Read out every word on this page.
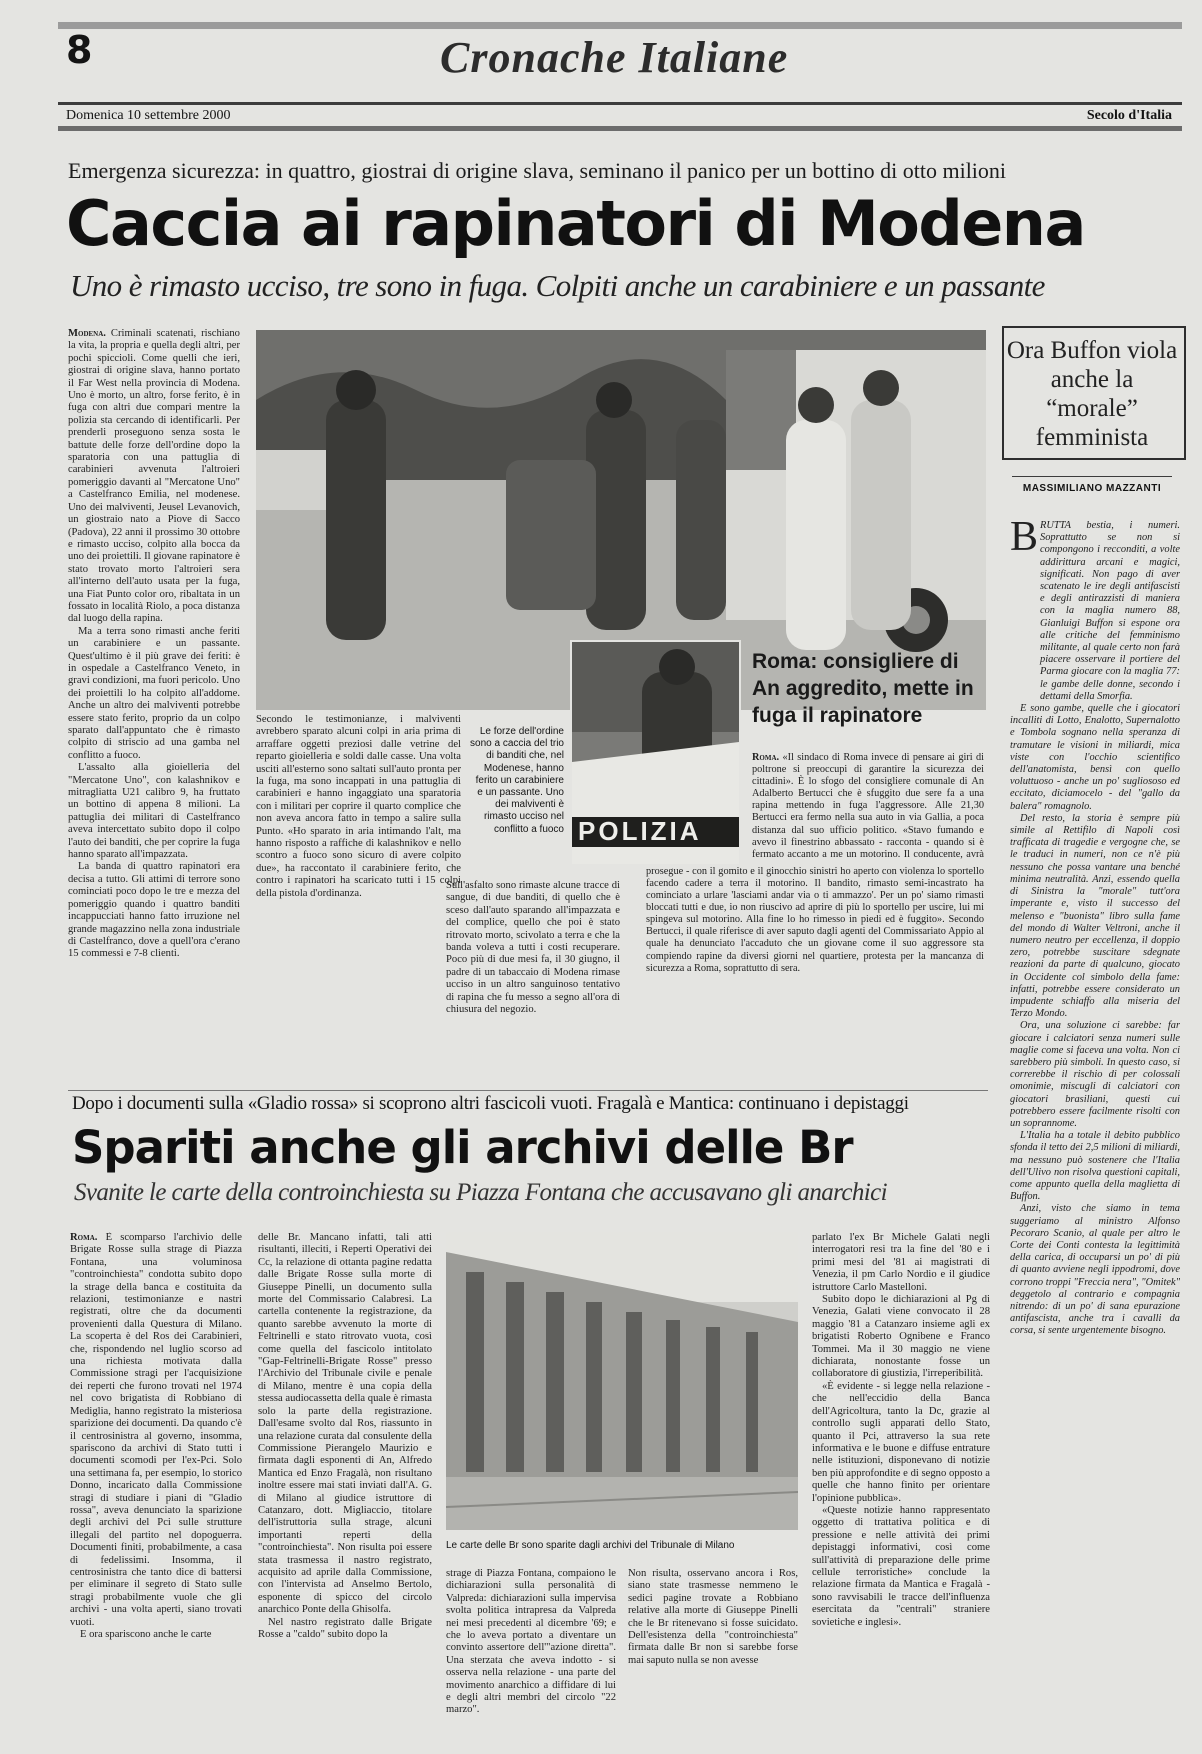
8	Cronache Italiane
Domenica 10 settembre 2000	Secolo d'Italia
Emergenza sicurezza: in quattro, giostrai di origine slava, seminano il panico per un bottino di otto milioni
Caccia ai rapinatori di Modena
Uno è rimasto ucciso, tre sono in fuga. Colpiti anche un carabiniere e un passante

Modena. Criminali scatenati, rischiano la vita, la propria e quella degli altri, per pochi spiccioli. Come quelli che ieri, giostrai di origine slava, hanno portato il Far West nella provincia di Modena. Uno è morto, un altro, forse ferito, è in fuga con altri due compari mentre la polizia sta cercando di identificarli. Per prenderli proseguono senza sosta le battute delle forze dell'ordine dopo la sparatoria con una pattuglia di carabinieri avvenuta l'altroieri pomeriggio davanti al "Mercatone Uno" a Castelfranco Emilia, nel modenese. Uno dei malviventi, Jeusel Levanovich, un giostraio nato a Piove di Sacco (Padova), 22 anni il prossimo 30 ottobre e rimasto ucciso, colpito alla bocca da uno dei proiettili. Il giovane rapinatore è stato trovato morto l'altroieri sera all'interno dell'auto usata per la fuga, una Fiat Punto color oro, ribaltata in un fossato in località Riolo, a poca distanza dal luogo della rapina.

Ma a terra sono rimasti anche feriti un carabiniere e un passante. Quest'ultimo è il più grave dei feriti: è in ospedale a Castelfranco Veneto, in gravi condizioni, ma fuori pericolo. Uno dei proiettili lo ha colpito all'addome. Anche un altro dei malviventi potrebbe essere stato ferito, proprio da un colpo sparato dall'appuntato che è rimasto colpito di striscio ad una gamba nel conflitto a fuoco.

L'assalto alla gioielleria del "Mercatone Uno", con kalashnikov e mitragliatta U21 calibro 9, ha fruttato un bottino di appena 8 milioni. La pattuglia dei militari di Castelfranco aveva intercettato subito dopo il colpo l'auto dei banditi, che per coprire la fuga hanno sparato all'impazzata.

La banda di quattro rapinatori era decisa a tutto. Gli attimi di terrore sono cominciati poco dopo le tre e mezza del pomeriggio quando i quattro banditi incappucciati hanno fatto irruzione nel grande magazzino nella zona industriale di Castelfranco, dove a quell'ora c'erano 15 commessi e 7-8 clienti.

POLIZIA
Le forze dell'ordine sono a caccia del trio di banditi che, nel Modenese, hanno ferito un carabiniere e un passante. Uno dei malviventi è rimasto ucciso nel conflitto a fuoco

Secondo le testimonianze, i malviventi avrebbero sparato alcuni colpi in aria prima di arraffare oggetti preziosi dalle vetrine del reparto gioielleria e soldi dalle casse. Una volta usciti all'esterno sono saltati sull'auto pronta per la fuga, ma sono incappati in una pattuglia di carabinieri e hanno ingaggiato una sparatoria con i militari per coprire il quarto complice che non aveva ancora fatto in tempo a salire sulla Punto. «Ho sparato in aria intimando l'alt, ma hanno risposto a raffiche di kalashnikov e nello scontro a fuoco sono sicuro di avere colpito due», ha raccontato il carabiniere ferito, che contro i rapinatori ha scaricato tutti i 15 colpi della pistola d'ordinanza.

Sull'asfalto sono rimaste alcune tracce di sangue, di due banditi, di quello che è sceso dall'auto sparando all'impazzata e del complice, quello che poi è stato ritrovato morto, scivolato a terra e che la banda voleva a tutti i costi recuperare. Poco più di due mesi fa, il 30 giugno, il padre di un tabaccaio di Modena rimase ucciso in un altro sanguinoso tentativo di rapina che fu messo a segno all'ora di chiusura del negozio.

Roma: consigliere di An aggredito, mette in fuga il rapinatore

Roma. «Il sindaco di Roma invece di pensare ai giri di poltrone si preoccupi di garantire la sicurezza dei cittadini». È lo sfogo del consigliere comunale di An Adalberto Bertucci che è sfuggito due sere fa a una rapina mettendo in fuga l'aggressore. Alle 21,30 Bertucci era fermo nella sua auto in via Gallia, a poca distanza dal suo ufficio politico. «Stavo fumando e avevo il finestrino abbassato - racconta - quando si è fermato accanto a me un motorino. Il conducente, avrà

prosegue - con il gomito e il ginocchio sinistri ho aperto con violenza lo sportello facendo cadere a terra il motorino. Il bandito, rimasto semi-incastrato ha cominciato a urlare 'lasciami andar via o ti ammazzo'. Per un po' siamo rimasti bloccati tutti e due, io non riuscivo ad aprire di più lo sportello per uscire, lui mi spingeva sul motorino. Alla fine lo ho rimesso in piedi ed è fuggito». Secondo Bertucci, il quale riferisce di aver saputo dagli agenti del Commissariato Appio al quale ha denunciato l'accaduto che un giovane come il suo aggressore sta compiendo rapine da diversi giorni nel quartiere, protesta per la mancanza di sicurezza a Roma, soprattutto di sera.

Ora Buffon viola anche la “morale” femminista
MASSIMILIANO MAZZANTI
B RUTTA bestia, i numeri. Soprattutto se non si compongono i recconditi, a volte addirittura arcani e magici, significati. Non pago di aver scatenato le ire degli antifascisti e degli antirazzisti di maniera con la maglia numero 88, Gianluigi Buffon si espone ora alle critiche del femminismo militante, al quale certo non farà piacere osservare il portiere del Parma giocare con la maglia 77: le gambe delle donne, secondo i dettami della Smorfia.

E sono gambe, quelle che i giocatori incalliti di Lotto, Enalotto, Supernalotto e Tombola sognano nella speranza di tramutare le visioni in miliardi, mica viste con l'occhio scientifico dell'anatomista, bensì con quello voluttuoso - anche un po' sugliososo ed eccitato, diciamocelo - del "gallo da balera" romagnolo.

Del resto, la storia è sempre più simile al Rettifilo di Napoli così trafficata di tragedie e vergogne che, se le traduci in numeri, non ce n'è più nessuno che possa vantare una benché minima neutralità. Anzi, essendo quella di Sinistra la "morale" tutt'ora imperante e, visto il successo del melenso e "buonista" libro sulla fame del mondo di Walter Veltroni, anche il numero neutro per eccellenza, il doppio zero, potrebbe suscitare sdegnate reazioni da parte di qualcuno, giocato in Occidente col simbolo della fame: infatti, potrebbe essere considerato un impudente schiaffo alla miseria del Terzo Mondo.

Ora, una soluzione ci sarebbe: far giocare i calciatori senza numeri sulle maglie come si faceva una volta. Non ci sarebbero più simboli. In questo caso, si correrebbe il rischio di per colossali omonimie, miscugli di calciatori con giocatori brasiliani, questi cui potrebbero essere facilmente risolti con un soprannome.

L'Italia ha a totale il debito pubblico sfonda il tetto dei 2,5 milioni di miliardi, ma nessuno può sostenere che l'Italia dell'Ulivo non risolva questioni capitali, come appunto quella della maglietta di Buffon.

Anzi, visto che siamo in tema suggeriamo al ministro Alfonso Pecoraro Scanio, al quale per altro le Corte dei Conti contesta la legittimità della carica, di occuparsi un po' di più di quanto avviene negli ippodromi, dove corrono troppi "Freccia nera", "Omitek" deggetolo al contrario e compagnia nitrendo: di un po' di sana epurazione antifascista, anche tra i cavalli da corsa, si sente urgentemente bisogno.

Dopo i documenti sulla «Gladio rossa» si scoprono altri fascicoli vuoti. Fragalà e Mantica: continuano i depistaggi
Spariti anche gli archivi delle Br
Svanite le carte della controinchiesta su Piazza Fontana che accusavano gli anarchici

Roma. È scomparso l'archivio delle Brigate Rosse sulla strage di Piazza Fontana, una voluminosa "controinchiesta" condotta subito dopo la strage della banca e costituita da relazioni, testimonianze e nastri registrati, oltre che da documenti provenienti dalla Questura di Milano. La scoperta è del Ros dei Carabinieri, che, rispondendo nel luglio scorso ad una richiesta motivata dalla Commissione stragi per l'acquisizione dei reperti che furono trovati nel 1974 nel covo brigatista di Robbiano di Mediglia, hanno registrato la misteriosa sparizione dei documenti. Da quando c'è il centrosinistra al governo, insomma, spariscono da archivi di Stato tutti i documenti scomodi per l'ex-Pci. Solo una settimana fa, per esempio, lo storico Donno, incaricato dalla Commissione stragi di studiare i piani di "Gladio rossa", aveva denunciato la sparizione degli archivi del Pci sulle strutture illegali del partito nel dopoguerra. Documenti finiti, probabilmente, a casa di fedelissimi. Insomma, il centrosinistra che tanto dice di battersi per eliminare il segreto di Stato sulle stragi probabilmente vuole che gli archivi - una volta aperti, siano trovati vuoti.

E ora spariscono anche le carte

Le carte delle Br sono sparite dagli archivi del Tribunale di Milano

delle Br. Mancano infatti, tali atti risultanti, illeciti, i Reperti Operativi dei Cc, la relazione di ottanta pagine redatta dalle Brigate Rosse sulla morte di Giuseppe Pinelli, un documento sulla morte del Commissario Calabresi. La cartella contenente la registrazione, da quanto sarebbe avvenuto la morte di Feltrinelli e stato ritrovato vuota, così come quella del fascicolo intitolato "Gap-Feltrinelli-Brigate Rosse" presso l'Archivio del Tribunale civile e penale di Milano, mentre è una copia della stessa audiocassetta della quale è rimasta solo la parte della registrazione. Dall'esame svolto dal Ros, riassunto in una relazione curata dal consulente della Commissione Pierangelo Maurizio e firmata dagli esponenti di An, Alfredo Mantica ed Enzo Fragalà, non risultano inoltre essere mai stati inviati dall'A. G. di Milano al giudice istruttore di Catanzaro, dott. Migliaccio, titolare dell'istruttoria sulla strage, alcuni importanti reperti della "controinchiesta". Non risulta poi essere stata trasmessa il nastro registrato, acquisito ad aprile dalla Commissione, con l'intervista ad Anselmo Bertolo, esponente di spicco del circolo anarchico Ponte della Ghisolfa.

Nel nastro registrato dalle Brigate Rosse a "caldo" subito dopo la

strage di Piazza Fontana, compaiono le dichiarazioni sulla personalità di Valpreda: dichiarazioni sulla impervisa svolta politica intrapresa da Valpreda nei mesi precedenti al dicembre '69; e che lo aveva portato a diventare un convinto assertore dell'"azione diretta". Una sterzata che aveva indotto - si osserva nella relazione - una parte del movimento anarchico a diffidare di lui e degli altri membri del circolo "22 marzo".

Non risulta, osservano ancora i Ros, siano state trasmesse nemmeno le sedici pagine trovate a Robbiano relative alla morte di Giuseppe Pinelli che le Br ritenevano si fosse suicidato. Dell'esistenza della "controinchiesta" firmata dalle Br non si sarebbe forse mai saputo nulla se non avesse

parlato l'ex Br Michele Galati negli interrogatori resi tra la fine del '80 e i primi mesi del '81 ai magistrati di Venezia, il pm Carlo Nordio e il giudice istruttore Carlo Mastelloni.

Subito dopo le dichiarazioni al Pg di Venezia, Galati viene convocato il 28 maggio '81 a Catanzaro insieme agli ex brigatisti Roberto Ognibene e Franco Tommei. Ma il 30 maggio ne viene dichiarata, nonostante fosse un collaboratore di giustizia, l'irreperibilità.

«È evidente - si legge nella relazione - che nell'eccidio della Banca dell'Agricoltura, tanto la Dc, grazie al controllo sugli apparati dello Stato, quanto il Pci, attraverso la sua rete informativa e le buone e diffuse entrature nelle istituzioni, disponevano di notizie ben più approfondite e di segno opposto a quelle che hanno finito per orientare l'opinione pubblica».

«Queste notizie hanno rappresentato oggetto di trattativa politica e di pressione e nelle attività dei primi depistaggi informativi, così come sull'attività di preparazione delle prime cellule terroristiche» conclude la relazione firmata da Mantica e Fragalà - sono ravvisabili le tracce dell'influenza esercitata da "centrali" straniere sovietiche e inglesi».
